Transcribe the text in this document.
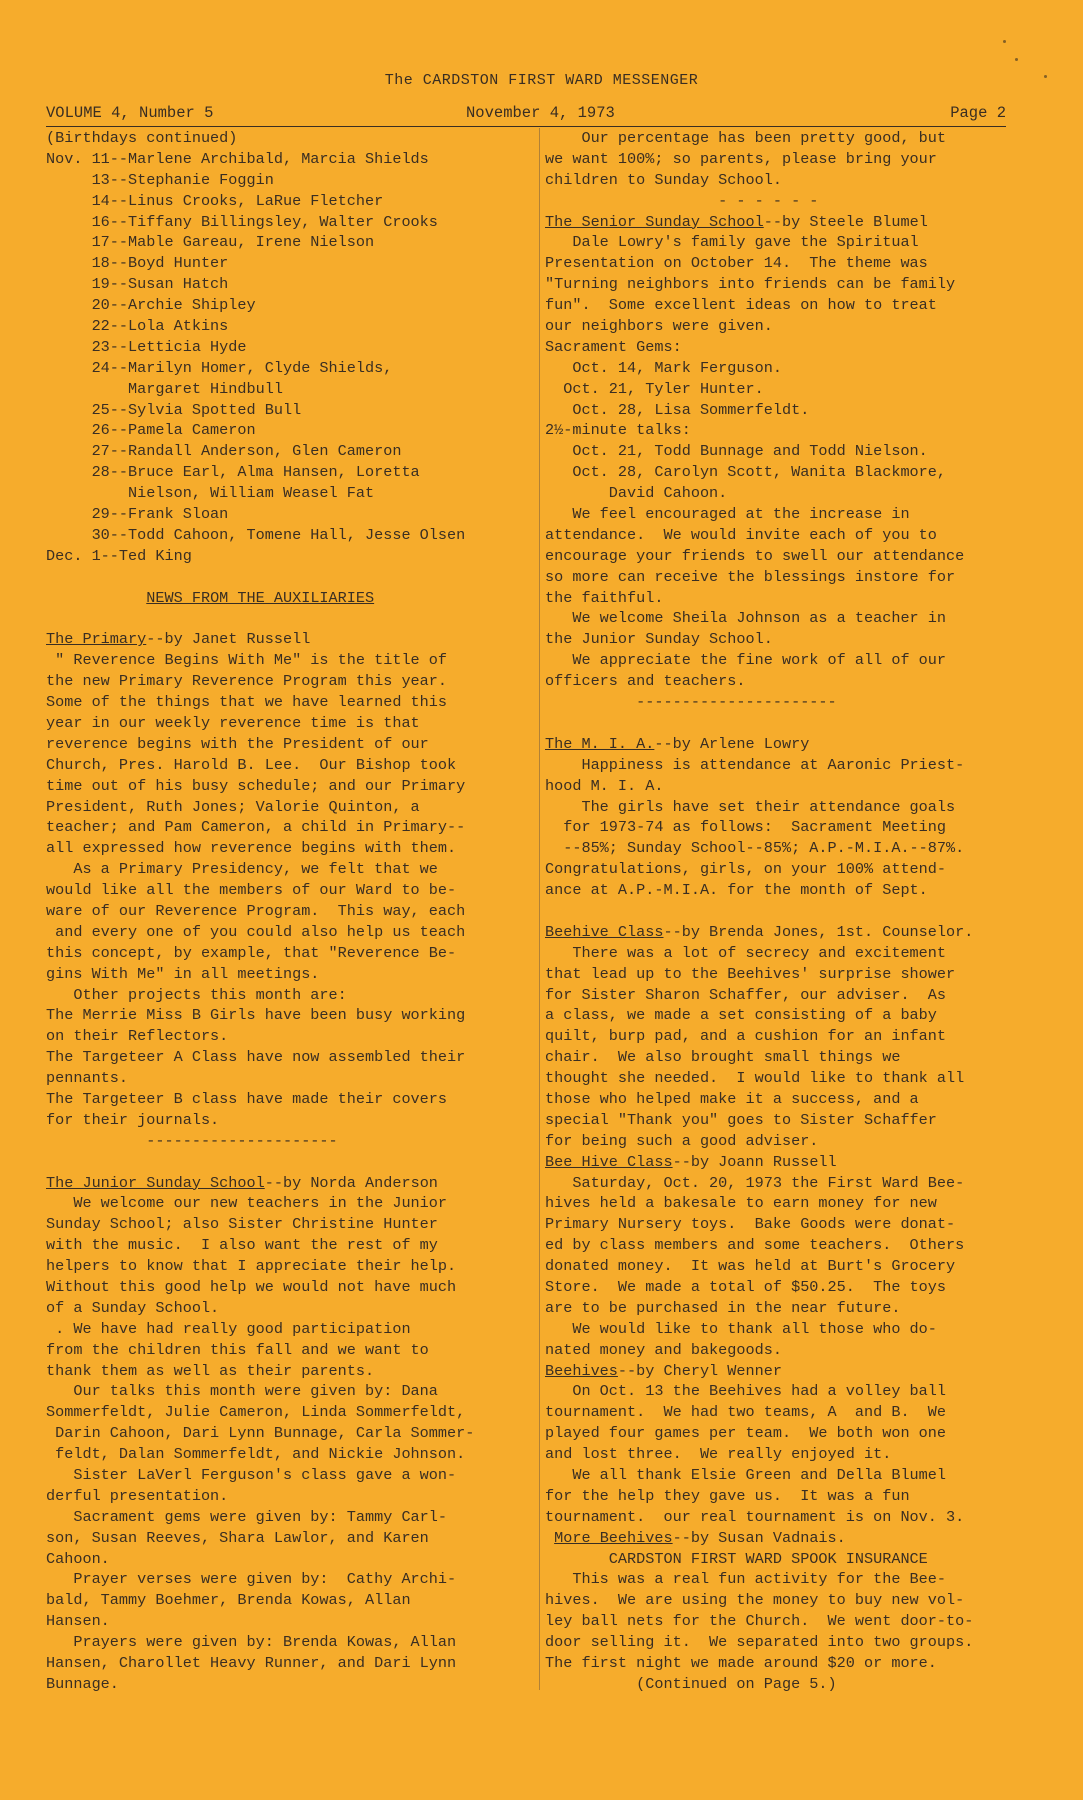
The CARDSTON FIRST WARD MESSENGER
VOLUME 4, Number 5	November 4, 1973	Page 2
(Birthdays continued)
Nov. 11--Marlene Archibald, Marcia Shields
13--Stephanie Foggin
14--Linus Crooks, LaRue Fletcher
16--Tiffany Billingsley, Walter Crooks
17--Mable Gareau, Irene Nielson
18--Boyd Hunter
19--Susan Hatch
20--Archie Shipley
22--Lola Atkins
23--Letticia Hyde
24--Marilyn Homer, Clyde Shields,
Margaret Hindbull
25--Sylvia Spotted Bull
26--Pamela Cameron
27--Randall Anderson, Glen Cameron
28--Bruce Earl, Alma Hansen, Loretta
Nielson, William Weasel Fat
29--Frank Sloan
30--Todd Cahoon, Tomene Hall, Jesse Olsen
Dec. 1--Ted King
NEWS FROM THE AUXILIARIES
The Primary--by Janet Russell
" Reverence Begins With Me" is the title of
the new Primary Reverence Program this year.
Some of the things that we have learned this
year in our weekly reverence time is that
reverence begins with the President of our
Church, Pres. Harold B. Lee.  Our Bishop took
time out of his busy schedule; and our Primary
President, Ruth Jones; Valorie Quinton, a
teacher; and Pam Cameron, a child in Primary--
all expressed how reverence begins with them.
As a Primary Presidency, we felt that we
would like all the members of our Ward to be-
ware of our Reverence Program.  This way, each
and every one of you could also help us teach
this concept, by example, that "Reverence Be-
gins With Me" in all meetings.
Other projects this month are:
The Merrie Miss B Girls have been busy working
on their Reflectors.
The Targeteer A Class have now assembled their
pennants.
The Targeteer B class have made their covers
for their journals.
---------------------
The Junior Sunday School--by Norda Anderson
We welcome our new teachers in the Junior
Sunday School; also Sister Christine Hunter
with the music.  I also want the rest of my
helpers to know that I appreciate their help.
Without this good help we would not have much
of a Sunday School.
. We have had really good participation
from the children this fall and we want to
thank them as well as their parents.
Our talks this month were given by: Dana
Sommerfeldt, Julie Cameron, Linda Sommerfeldt,
Darin Cahoon, Dari Lynn Bunnage, Carla Sommer-
feldt, Dalan Sommerfeldt, and Nickie Johnson.
Sister LaVerl Ferguson's class gave a won-
derful presentation.
Sacrament gems were given by: Tammy Carl-
son, Susan Reeves, Shara Lawlor, and Karen
Cahoon.
Prayer verses were given by:  Cathy Archi-
bald, Tammy Boehmer, Brenda Kowas, Allan
Hansen.
Prayers were given by: Brenda Kowas, Allan
Hansen, Charollet Heavy Runner, and Dari Lynn
Bunnage.
Our percentage has been pretty good, but
we want 100%; so parents, please bring your
children to Sunday School.
- - - - - -
The Senior Sunday School--by Steele Blumel
Dale Lowry's family gave the Spiritual
Presentation on October 14.  The theme was
"Turning neighbors into friends can be family
fun".  Some excellent ideas on how to treat
our neighbors were given.
Sacrament Gems:
Oct. 14, Mark Ferguson.
Oct. 21, Tyler Hunter.
Oct. 28, Lisa Sommerfeldt.
2½-minute talks:
Oct. 21, Todd Bunnage and Todd Nielson.
Oct. 28, Carolyn Scott, Wanita Blackmore,
David Cahoon.
We feel encouraged at the increase in
attendance.  We would invite each of you to
encourage your friends to swell our attendance
so more can receive the blessings instore for
the faithful.
We welcome Sheila Johnson as a teacher in
the Junior Sunday School.
We appreciate the fine work of all of our
officers and teachers.
----------------------
The M. I. A.--by Arlene Lowry
Happiness is attendance at Aaronic Priest-
hood M. I. A.
The girls have set their attendance goals
for 1973-74 as follows:  Sacrament Meeting
--85%; Sunday School--85%; A.P.-M.I.A.--87%.
Congratulations, girls, on your 100% attend-
ance at A.P.-M.I.A. for the month of Sept.
Beehive Class--by Brenda Jones, 1st. Counselor.
There was a lot of secrecy and excitement
that lead up to the Beehives' surprise shower
for Sister Sharon Schaffer, our adviser.  As
a class, we made a set consisting of a baby
quilt, burp pad, and a cushion for an infant
chair.  We also brought small things we
thought she needed.  I would like to thank all
those who helped make it a success, and a
special "Thank you" goes to Sister Schaffer
for being such a good adviser.
Bee Hive Class--by Joann Russell
Saturday, Oct. 20, 1973 the First Ward Bee-
hives held a bakesale to earn money for new
Primary Nursery toys.  Bake Goods were donat-
ed by class members and some teachers.  Others
donated money.  It was held at Burt's Grocery
Store.  We made a total of $50.25.  The toys
are to be purchased in the near future.
We would like to thank all those who do-
nated money and bakegoods.
Beehives--by Cheryl Wenner
On Oct. 13 the Beehives had a volley ball
tournament.  We had two teams, A  and B.  We
played four games per team.  We both won one
and lost three.  We really enjoyed it.
We all thank Elsie Green and Della Blumel
for the help they gave us.  It was a fun
tournament.  our real tournament is on Nov. 3.
More Beehives--by Susan Vadnais.
CARDSTON FIRST WARD SPOOK INSURANCE
This was a real fun activity for the Bee-
hives.  We are using the money to buy new vol-
ley ball nets for the Church.  We went door-to-
door selling it.  We separated into two groups.
The first night we made around $20 or more.
(Continued on Page 5.)
